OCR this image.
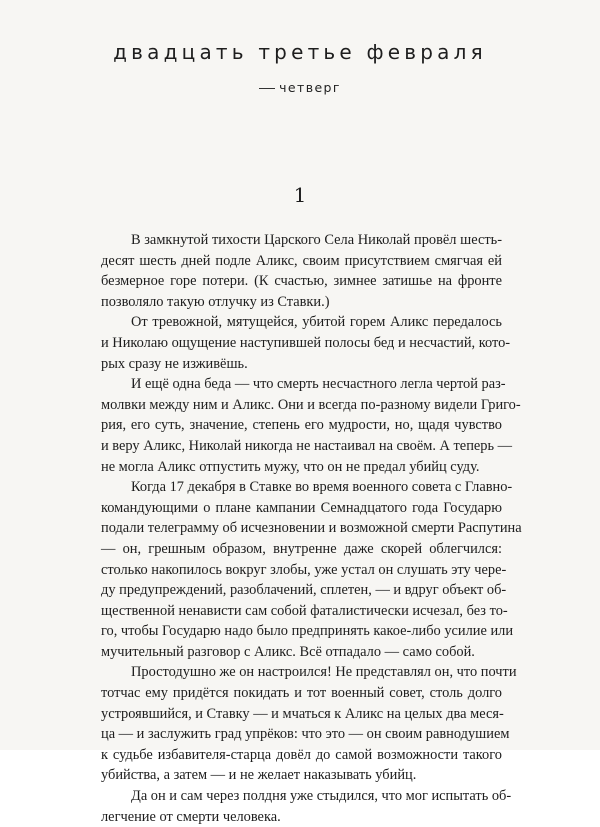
двадцать третье февраля
четверг
1
В замкнутой тихости Царского Села Николай провёл шесть-
десят шесть дней подле Аликс, своим присутствием смягчая ей
безмерное горе потери. (К счастью, зимнее затишье на фронте
позволяло такую отлучку из Ставки.)
От тревожной, мятущейся, убитой горем Аликс передалось
и Николаю ощущение наступившей полосы бед и несчастий, кото-
рых сразу не изживёшь.
И ещё одна беда — что смерть несчастного легла чертой раз-
молвки между ним и Аликс. Они и всегда по-разному видели Григо-
рия, его суть, значение, степень его мудрости, но, щадя чувство
и веру Аликс, Николай никогда не настаивал на своём. А теперь —
не могла Аликс отпустить мужу, что он не предал убийц суду.
Когда 17 декабря в Ставке во время военного совета с Главно-
командующими о плане кампании Семнадцатого года Государю
подали телеграмму об исчезновении и возможной смерти Распутина
— он, грешным образом, внутренне даже скорей облегчился:
столько накопилось вокруг злобы, уже устал он слушать эту чере-
ду предупреждений, разоблачений, сплетен, — и вдруг объект об-
щественной ненависти сам собой фаталистически исчезал, без то-
го, чтобы Государю надо было предпринять какое-либо усилие или
мучительный разговор с Аликс. Всё отпадало — само собой.
Простодушно же он настроился! Не представлял он, что почти
тотчас ему придётся покидать и тот военный совет, столь долго
устроявшийся, и Ставку — и мчаться к Аликс на целых два меся-
ца — и заслужить град упрёков: что это — он своим равнодушием
к судьбе избавителя-старца довёл до самой возможности такого
убийства, а затем — и не желает наказывать убийц.
Да он и сам через полдня уже стыдился, что мог испытать об-
легчение от смерти человека.
